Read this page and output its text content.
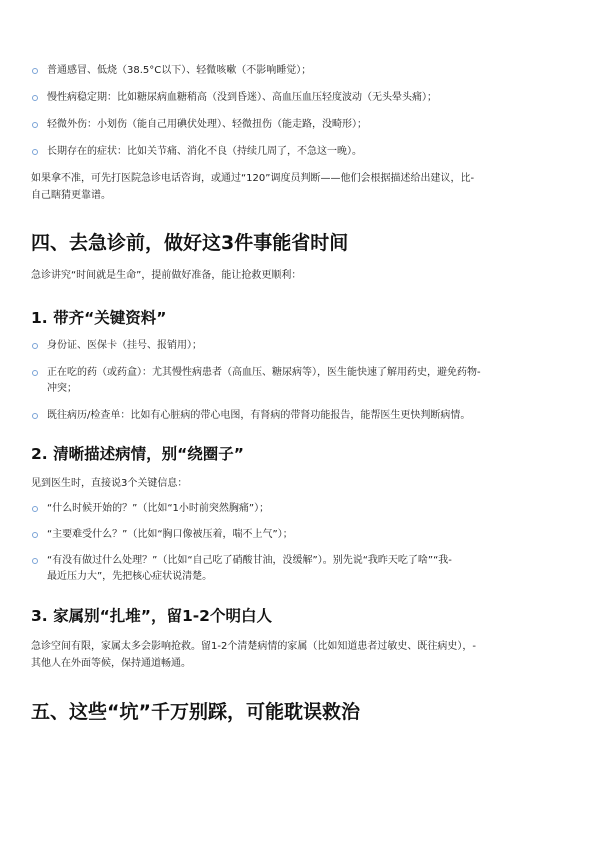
普通感冒、低烧（38.5°C以下）、轻微咳嗽（不影响睡觉）；
慢性病稳定期：比如糖尿病血糖稍高（没到昏迷）、高血压血压轻度波动（无头晕头痛）；
轻微外伤：小划伤（能自己用碘伏处理）、轻微扭伤（能走路，没畸形）；
长期存在的症状：比如关节痛、消化不良（持续几周了，不急这一晚）。

如果拿不准，可先打医院急诊电话咨询，或通过“120”调度员判断——他们会根据描述给出建议，比-
自己瞎猜更靠谱。

四、去急诊前，做好这3件事能省时间

急诊讲究“时间就是生命”，提前做好准备，能让抢救更顺利：

1. 带齐“关键资料”
身份证、医保卡（挂号、报销用）；
正在吃的药（或药盒）：尤其慢性病患者（高血压、糖尿病等），医生能快速了解用药史，避免药物-
冲突；
既往病历/检查单：比如有心脏病的带心电图，有肾病的带肾功能报告，能帮医生更快判断病情。
2. 清晰描述病情，别“绕圈子”

见到医生时，直接说3个关键信息：

“什么时候开始的？”（比如“1小时前突然胸痛”）；
“主要难受什么？”（比如“胸口像被压着，喘不上气”）；
“有没有做过什么处理？”（比如“自己吃了硝酸甘油，没缓解”）。别先说“我昨天吃了啥”“我-
最近压力大”，先把核心症状说清楚。
3. 家属别“扎堆”，留1-2个明白人

急诊空间有限，家属太多会影响抢救。留1-2个清楚病情的家属（比如知道患者过敏史、既往病史），-
其他人在外面等候，保持通道畅通。

五、这些“坑”千万别踩，可能耽误救治
